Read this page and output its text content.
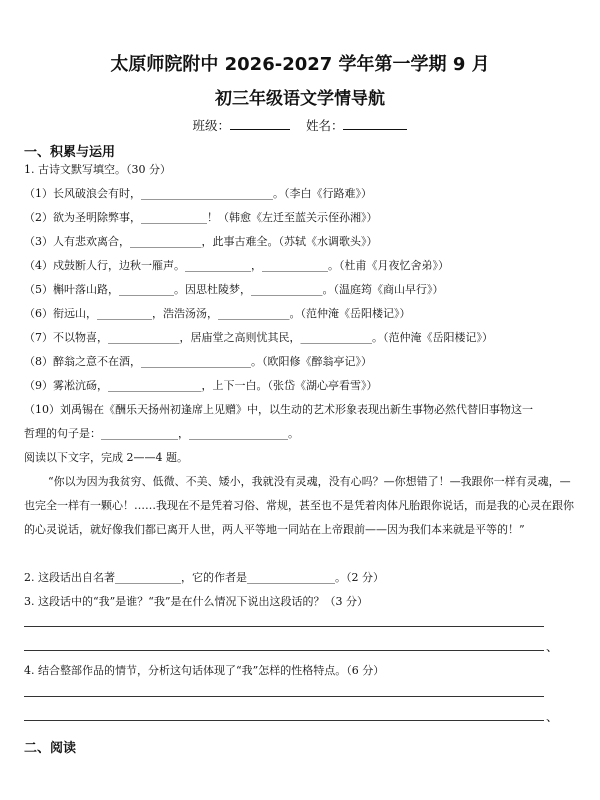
太原师院附中 2026-2027 学年第一学期 9 月
初三年级语文学情导航
班级：	姓名：
一、积累与运用
1. 古诗文默写填空。（30 分）
（1）长风破浪会有时，________________________。（李白《行路难》）
（2）欲为圣明除弊事，____________！（韩愈《左迁至蓝关示侄孙湘》）
（3）人有悲欢离合，_____________，此事古难全。（苏轼《水调歌头》）
（4）戍鼓断人行，边秋一雁声。____________，____________。（杜甫《月夜忆舍弟》）
（5）槲叶落山路，__________。因思杜陵梦，_____________。（温庭筠《商山早行》）
（6）衔远山，__________，浩浩汤汤，_____________。（范仲淹《岳阳楼记》）
（7）不以物喜，_____________，居庙堂之高则忧其民，_____________。（范仲淹《岳阳楼记》）
（8）醉翁之意不在酒，____________________。（欧阳修《醉翁亭记》）
（9）雾凇沆砀，_________________，上下一白。（张岱《湖心亭看雪》）
（10）刘禹锡在《酬乐天扬州初逢席上见赠》中，以生动的艺术形象表现出新生事物必然代替旧事物这一
哲理的句子是：______________，__________________。
阅读以下文字，完成 2——4 题。
“你以为因为我贫穷、低微、不美、矮小，我就没有灵魂，没有心吗？—你想错了！—我跟你一样有灵魂，—也完全一样有一颗心！……我现在不是凭着习俗、常规，甚至也不是凭着肉体凡胎跟你说话，而是我的心灵在跟你的心灵说话，就好像我们都已离开人世，两人平等地一同站在上帝跟前——因为我们本来就是平等的！”
2. 这段话出自名著____________，它的作者是________________。（2 分）
3. 这段话中的“我”是谁？“我”是在什么情况下说出这段话的？（3 分）
、
4. 结合整部作品的情节，分析这句话体现了“我”怎样的性格特点。（6 分）
、
二、阅读
